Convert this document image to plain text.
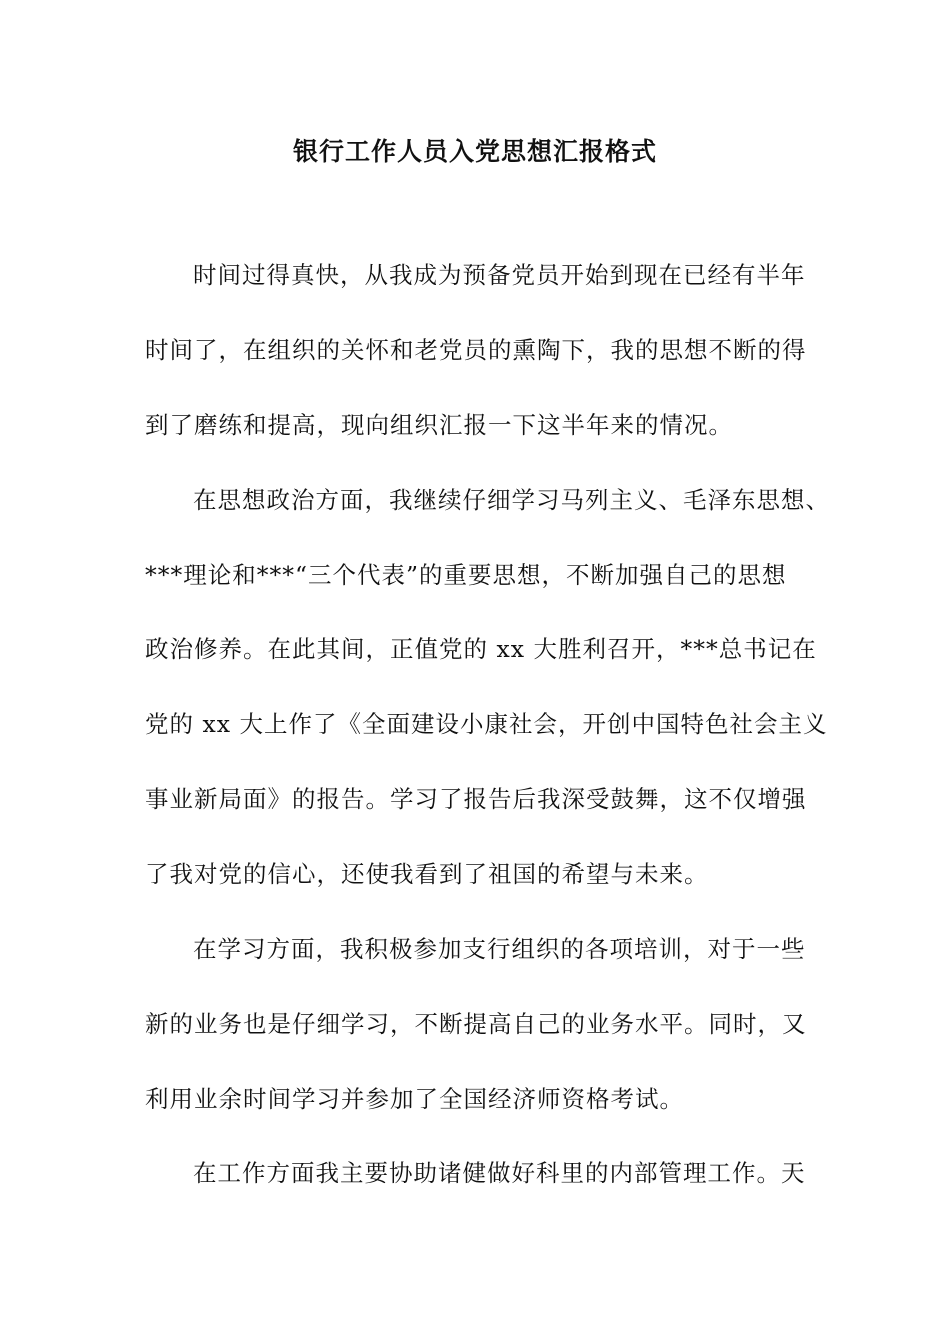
银行工作人员入党思想汇报格式
时间过得真快，从我成为预备党员开始到现在已经有半年
时间了，在组织的关怀和老党员的熏陶下，我的思想不断的得
到了磨练和提高，现向组织汇报一下这半年来的情况。
在思想政治方面，我继续仔细学习马列主义、毛泽东思想、
***理论和***“三个代表”的重要思想，不断加强自己的思想
政治修养。在此其间，正值党的 xx 大胜利召开，***总书记在
党的 xx 大上作了《全面建设小康社会，开创中国特色社会主义
事业新局面》的报告。学习了报告后我深受鼓舞，这不仅增强
了我对党的信心，还使我看到了祖国的希望与未来。
在学习方面，我积极参加支行组织的各项培训，对于一些
新的业务也是仔细学习，不断提高自己的业务水平。同时，又
利用业余时间学习并参加了全国经济师资格考试。
在工作方面我主要协助诸健做好科里的内部管理工作。天
